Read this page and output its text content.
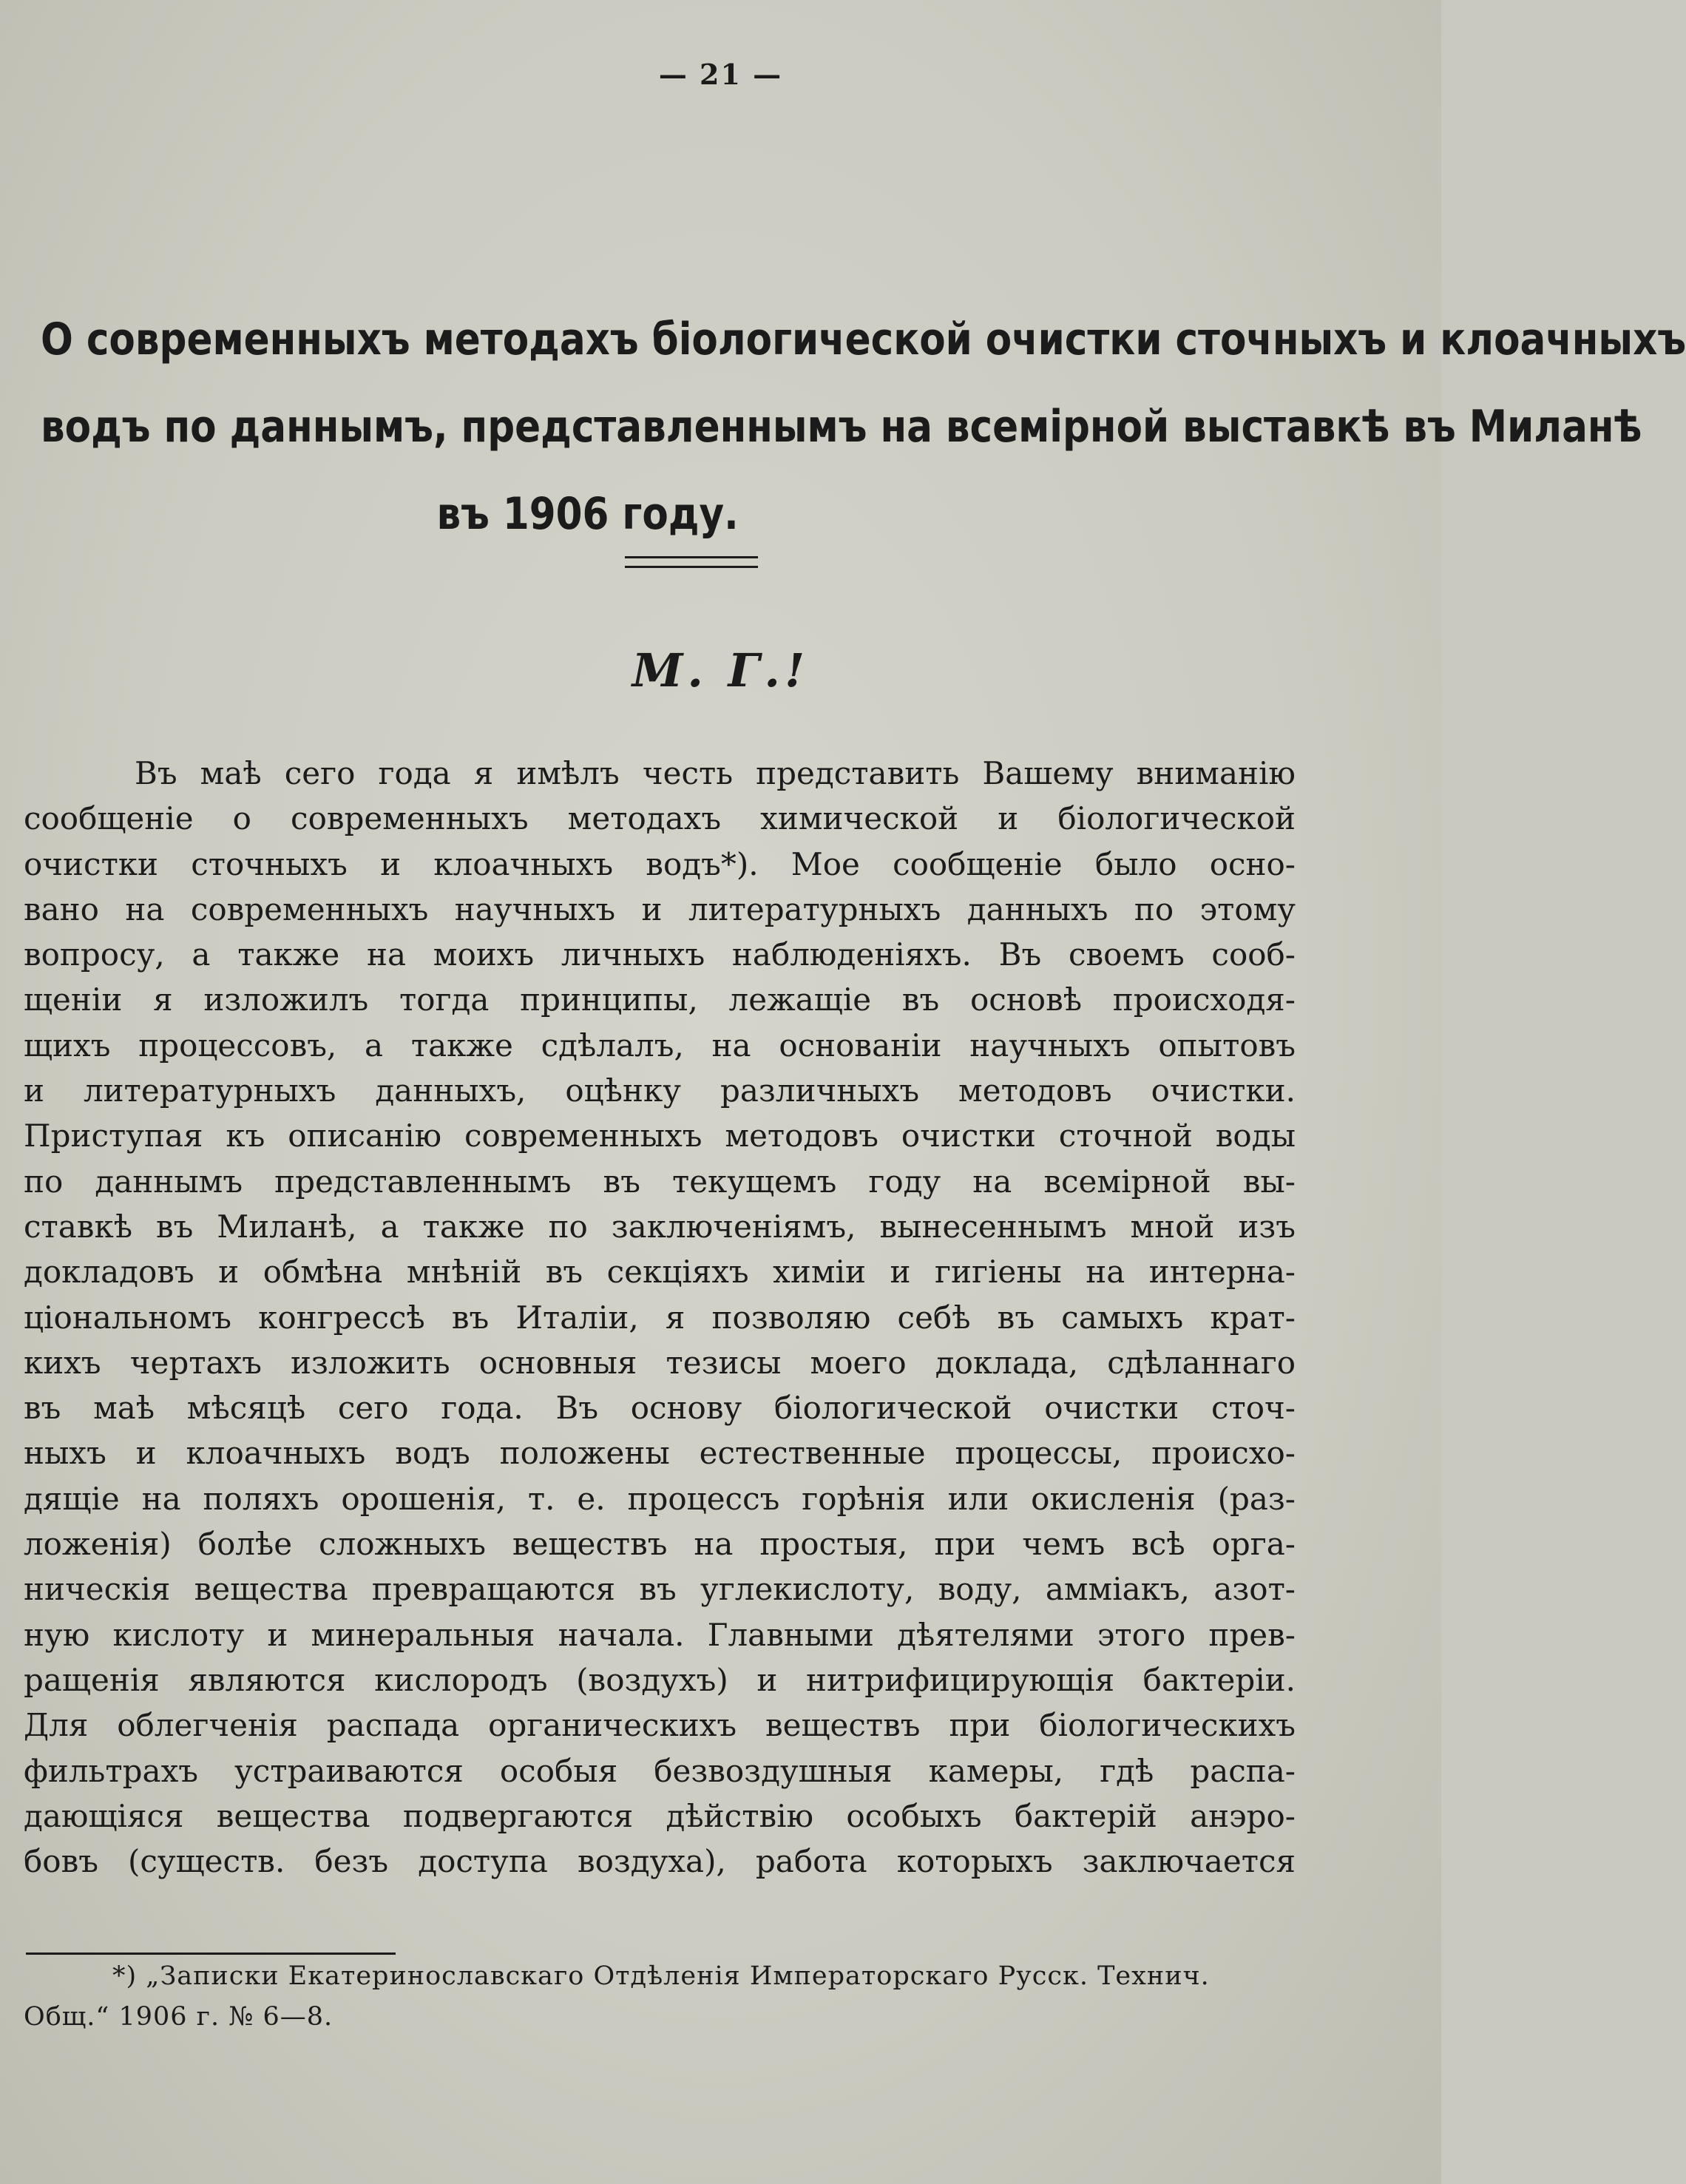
— 21 —
О современныхъ методахъ біологической очистки сточныхъ и клоачныхъ
водъ по даннымъ, представленнымъ на всемірной выставкѣ въ Миланѣ
въ 1906 году.
М. Г.!
Въ маѣ сего года я имѣлъ честь представить Вашему вниманію
сообщеніе о современныхъ методахъ химической и біологической
очистки сточныхъ и клоачныхъ водъ*). Мое сообщеніе было осно-
вано на современныхъ научныхъ и литературныхъ данныхъ по этому
вопросу, а также на моихъ личныхъ наблюденіяхъ. Въ своемъ сооб-
щеніи я изложилъ тогда принципы, лежащіе въ основѣ происходя-
щихъ процессовъ, а также сдѣлалъ, на основаніи научныхъ опытовъ
и литературныхъ данныхъ, оцѣнку различныхъ методовъ очистки.
Приступая къ описанію современныхъ методовъ очистки сточной воды
по даннымъ представленнымъ въ текущемъ году на всемірной вы-
ставкѣ въ Миланѣ, а также по заключеніямъ, вынесеннымъ мной изъ
докладовъ и обмѣна мнѣній въ секціяхъ химіи и гигіены на интерна-
ціональномъ конгрессѣ въ Италіи, я позволяю себѣ въ самыхъ крат-
кихъ чертахъ изложить основныя тезисы моего доклада, сдѣланнаго
въ маѣ мѣсяцѣ сего года. Въ основу біологической очистки сточ-
ныхъ и клоачныхъ водъ положены естественные процессы, происхо-
дящіе на поляхъ орошенія, т. е. процессъ горѣнія или окисленія (раз-
ложенія) болѣе сложныхъ веществъ на простыя, при чемъ всѣ орга-
ническія вещества превращаются въ углекислоту, воду, амміакъ, азот-
ную кислоту и минеральныя начала. Главными дѣятелями этого прев-
ращенія являются кислородъ (воздухъ) и нитрифицирующія бактеріи.
Для облегченія распада органическихъ веществъ при біологическихъ
фильтрахъ устраиваются особыя безвоздушныя камеры, гдѣ распа-
дающіяся вещества подвергаются дѣйствію особыхъ бактерій анэро-
бовъ (существ. безъ доступа воздуха), работа которыхъ заключается
*) „Записки Екатеринославскаго Отдѣленія Императорскаго Русск. Технич.
Общ.“ 1906 г. № 6—8.
